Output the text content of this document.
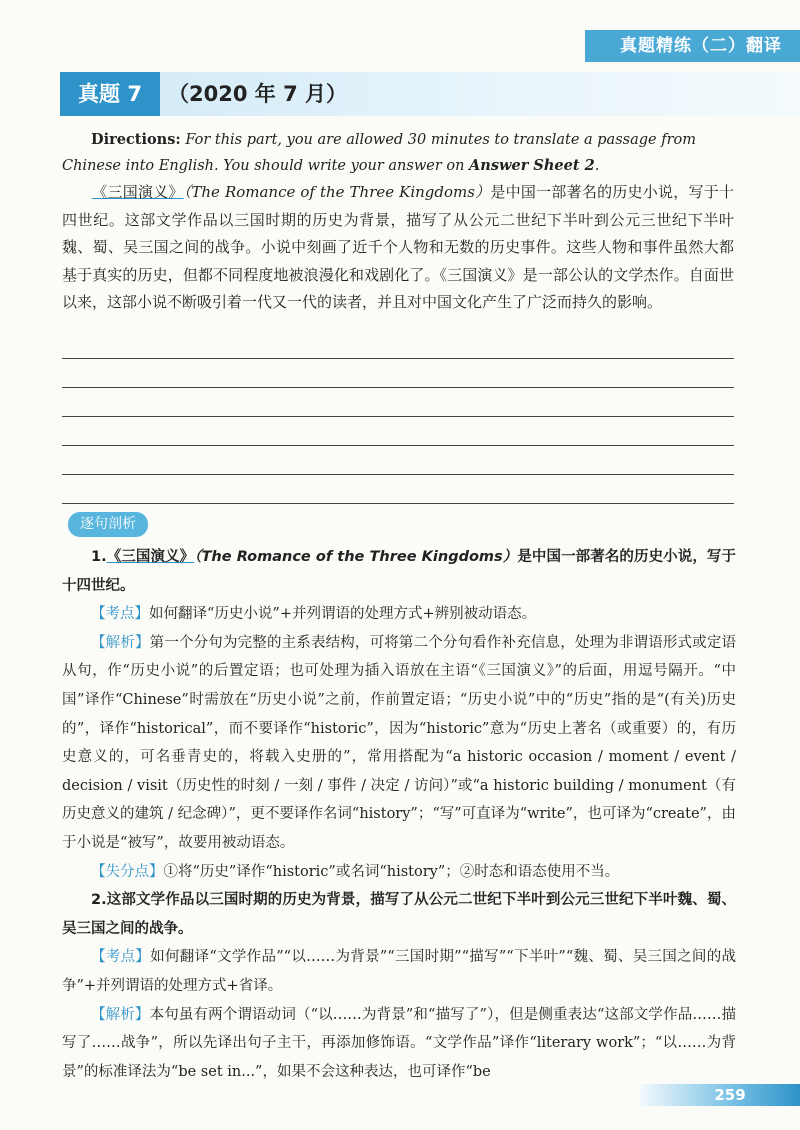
真题精练（二）翻译
真题 7	（2020 年 7 月）
  Directions: For this part, you are allowed 30 minutes to translate a passage from Chinese into English. You should write your answer on Answer Sheet 2.
  《三国演义》（The Romance of the Three Kingdoms）是中国一部著名的历史小说，写于十四世纪。这部文学作品以三国时期的历史为背景，描写了从公元二世纪下半叶到公元三世纪下半叶魏、蜀、吴三国之间的战争。小说中刻画了近千个人物和无数的历史事件。这些人物和事件虽然大都基于真实的历史，但都不同程度地被浪漫化和戏剧化了。《三国演义》是一部公认的文学杰作。自面世以来，这部小说不断吸引着一代又一代的读者，并且对中国文化产生了广泛而持久的影响。
逐句剖析

1.《三国演义》（The Romance of the Three Kingdoms）是中国一部著名的历史小说，写于十四世纪。

【考点】如何翻译“历史小说”+并列谓语的处理方式+辨别被动语态。

【解析】第一个分句为完整的主系表结构，可将第二个分句看作补充信息，处理为非谓语形式或定语从句，作“历史小说”的后置定语；也可处理为插入语放在主语“《三国演义》”的后面，用逗号隔开。“中国”译作“Chinese”时需放在“历史小说”之前，作前置定语；“历史小说”中的“历史”指的是“(有关)历史的”，译作“historical”，而不要译作“historic”，因为“historic”意为“历史上著名（或重要）的，有历史意义的，可名垂青史的，将载入史册的”，常用搭配为“a historic occasion / moment / event / decision / visit（历史性的时刻 / 一刻 / 事件 / 决定 / 访问）”或“a historic building / monument（有历史意义的建筑 / 纪念碑）”，更不要译作名词“history”；“写”可直译为“write”，也可译为“create”，由于小说是“被写”，故要用被动语态。

【失分点】①将“历史”译作“historic”或名词“history”；②时态和语态使用不当。

2.这部文学作品以三国时期的历史为背景，描写了从公元二世纪下半叶到公元三世纪下半叶魏、蜀、吴三国之间的战争。

【考点】如何翻译“文学作品”“以……为背景”“三国时期”“描写”“下半叶”“魏、蜀、吴三国之间的战争”+并列谓语的处理方式+省译。

【解析】本句虽有两个谓语动词（“以……为背景”和“描写了”），但是侧重表达“这部文学作品……描写了……战争”，所以先译出句子主干，再添加修饰语。“文学作品”译作“literary work”；“以……为背景”的标准译法为“be set in...”，如果不会这种表达，也可译作“be

259
